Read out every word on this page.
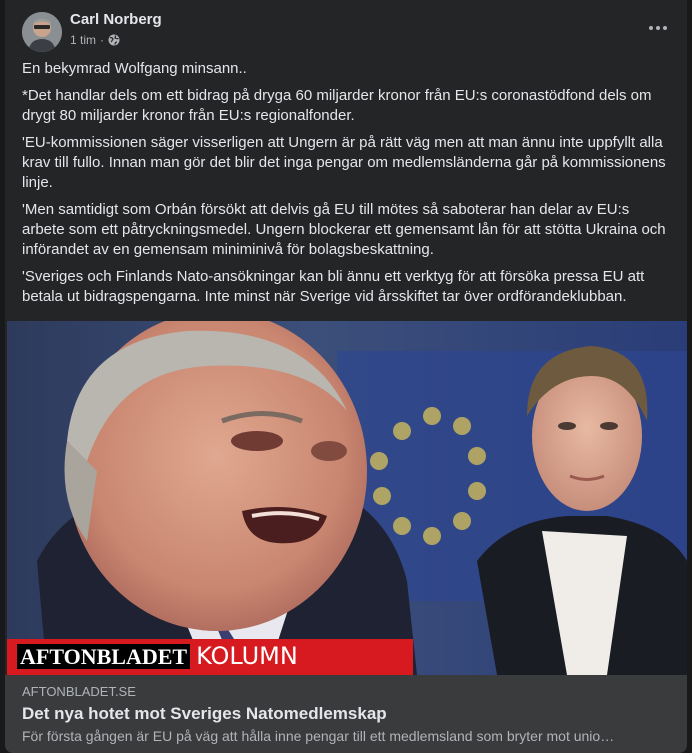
Carl Norberg
1 tim ·

En bekymrad Wolfgang minsann..

*Det handlar dels om ett bidrag på dryga 60 miljarder kronor från EU:s coronastödfond dels om drygt 80 miljarder kronor från EU:s regionalfonder.

'EU-kommissionen säger visserligen att Ungern är på rätt väg men att man ännu inte uppfyllt alla krav till fullo. Innan man gör det blir det inga pengar om medlemsländerna går på kommissionens linje.

'Men samtidigt som Orbán försökt att delvis gå EU till mötes så saboterar han delar av EU:s arbete som ett påtryckningsmedel. Ungern blockerar ett gemensamt lån för att stötta Ukraina och införandet av en gemensam miniminivå för bolagsbeskattning.

'Sveriges och Finlands Nato-ansökningar kan bli ännu ett verktyg för att försöka pressa EU att betala ut bidragspengarna. Inte minst när Sverige vid årsskiftet tar över ordförandeklubban.

AFTONBLADET KOLUMN
AFTONBLADET.SE
Det nya hotet mot Sveriges Natomedlemskap
För första gången är EU på väg att hålla inne pengar till ett medlemsland som bryter mot unio…
